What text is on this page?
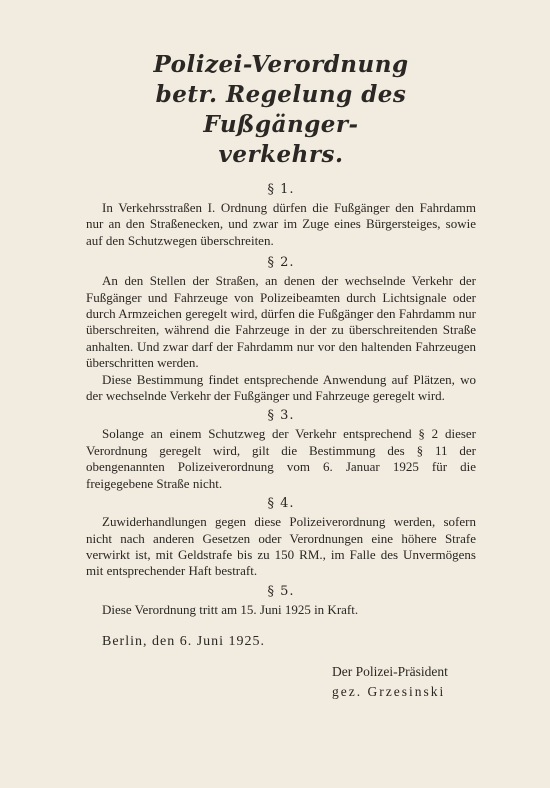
Polizei-Verordnung
betr. Regelung des Fußgänger-
verkehrs.
§ 1.

In Verkehrsstraßen I. Ordnung dürfen die Fußgänger den Fahrdamm nur an den Straßenecken, und zwar im Zuge eines Bürgersteiges, sowie auf den Schutzwegen überschreiten.

§ 2.

An den Stellen der Straßen, an denen der wechselnde Verkehr der Fußgänger und Fahrzeuge von Polizeibeamten durch Lichtsignale oder durch Armzeichen geregelt wird, dürfen die Fußgänger den Fahrdamm nur überschreiten, während die Fahrzeuge in der zu überschreitenden Straße anhalten. Und zwar darf der Fahrdamm nur vor den haltenden Fahrzeugen überschritten werden.

Diese Bestimmung findet entsprechende Anwendung auf Plätzen, wo der wechselnde Verkehr der Fußgänger und Fahrzeuge geregelt wird.

§ 3.

Solange an einem Schutzweg der Verkehr entsprechend § 2 dieser Verordnung geregelt wird, gilt die Bestimmung des § 11 der obengenannten Polizeiverordnung vom 6. Januar 1925 für die freigegebene Straße nicht.

§ 4.

Zuwiderhandlungen gegen diese Polizeiverordnung werden, sofern nicht nach anderen Gesetzen oder Verordnungen eine höhere Strafe verwirkt ist, mit Geldstrafe bis zu 150 RM., im Falle des Unvermögens mit entsprechender Haft bestraft.

§ 5.

Diese Verordnung tritt am 15. Juni 1925 in Kraft.

Berlin, den 6. Juni 1925.
Der Polizei-Präsident
gez. Grzesinski
